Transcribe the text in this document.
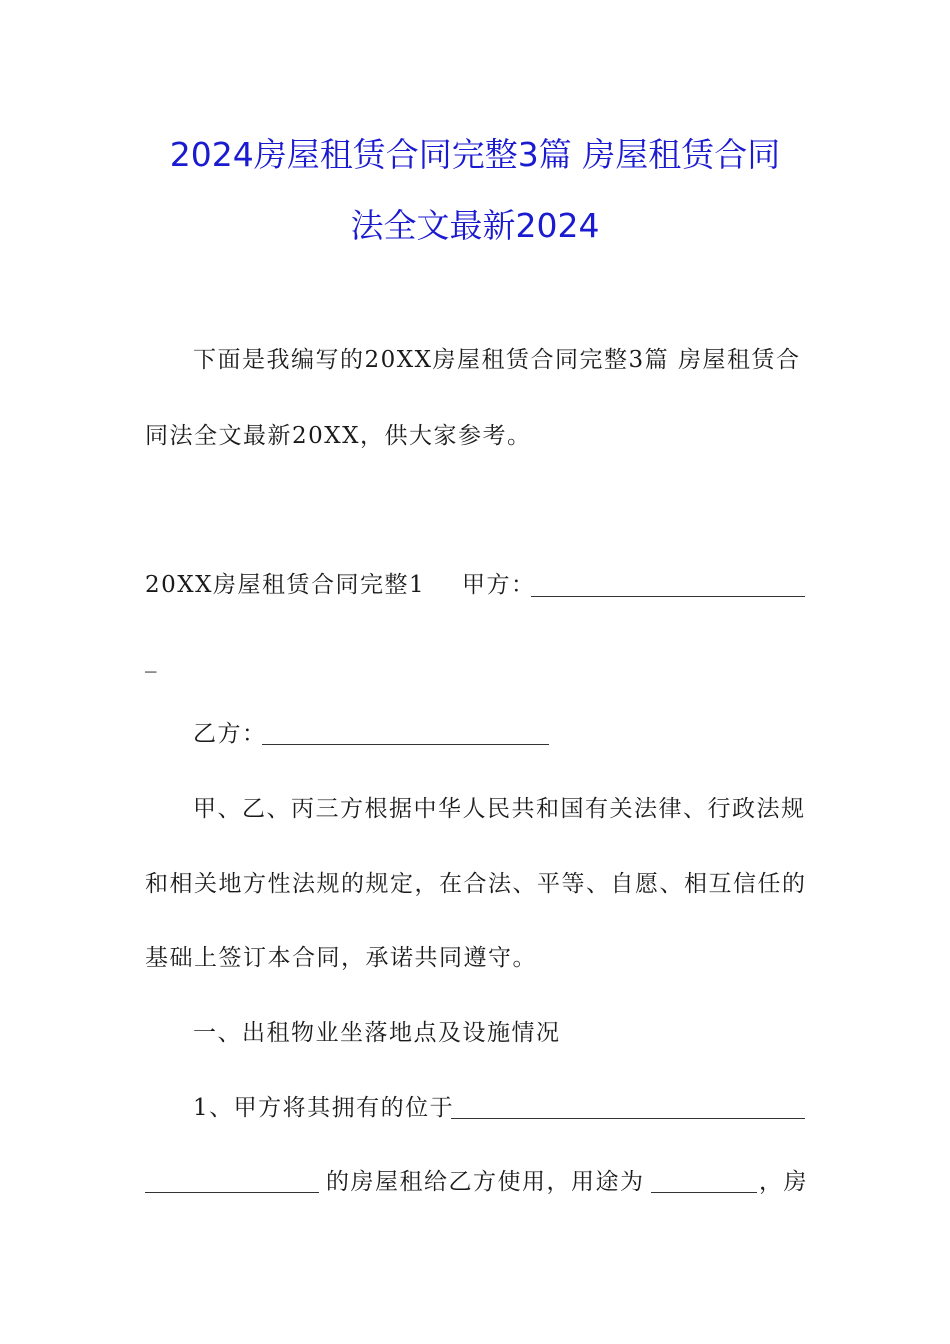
2024房屋租赁合同完整3篇 房屋租赁合同
法全文最新2024
下面是我编写的20XX房屋租赁合同完整3篇 房屋租赁合
同法全文最新20XX，供大家参考。
20XX房屋租赁合同完整1 甲方：
_
乙方：
甲、乙、丙三方根据中华人民共和国有关法律、行政法规
和相关地方性法规的规定，在合法、平等、自愿、相互信任的
基础上签订本合同，承诺共同遵守。
一、出租物业坐落地点及设施情况
1、甲方将其拥有的位于
的房屋租给乙方使用，用途为	，房
